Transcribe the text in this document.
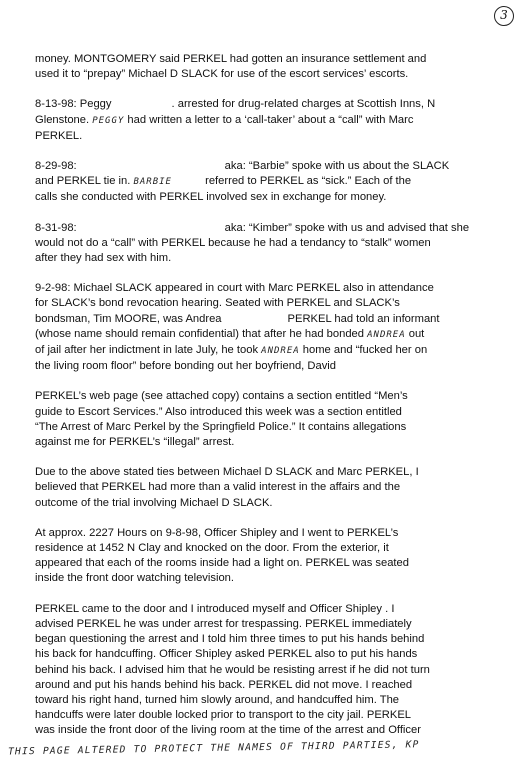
3
money. MONTGOMERY said PERKEL had gotten an insurance settlement and
used it to “prepay” Michael D SLACK for use of the escort services’ escorts.
8-13-98: Peggy	. arrested for drug-related charges at Scottish Inns, N
Glenstone. PEGGY had written a letter to a ‘call-taker’ about a “call” with Marc
PERKEL.
8-29-98:	aka: “Barbie” spoke with us about the SLACK
and PERKEL tie in. BARBIE	referred to PERKEL as “sick.” Each of the
calls she conducted with PERKEL involved sex in exchange for money.
8-31-98:	aka: “Kimber” spoke with us and advised that she
would not do a “call” with PERKEL because he had a tendancy to “stalk” women
after they had sex with him.
9-2-98: Michael SLACK appeared in court with Marc PERKEL also in attendance
for SLACK’s bond revocation hearing. Seated with PERKEL and SLACK’s
bondsman, Tim MOORE, was Andrea	PERKEL had told an informant
(whose name should remain confidential) that after he had bonded ANDREA out
of jail after her indictment in late July, he took ANDREA home and “fucked her on
the living room floor” before bonding out her boyfriend, David
PERKEL’s web page (see attached copy) contains a section entitled “Men’s
guide to Escort Services.” Also introduced this week was a section entitled
“The Arrest of Marc Perkel by the Springfield Police.” It contains allegations
against me for PERKEL’s “illegal” arrest.
Due to the above stated ties between Michael D SLACK and Marc PERKEL, I
believed that PERKEL had more than a valid interest in the affairs and the
outcome of the trial involving Michael D SLACK.
At approx. 2227 Hours on 9-8-98, Officer Shipley and I went to PERKEL’s
residence at 1452 N Clay and knocked on the door. From the exterior, it
appeared that each of the rooms inside had a light on. PERKEL was seated
inside the front door watching television.
PERKEL came to the door and I introduced myself and Officer Shipley . I
advised PERKEL he was under arrest for trespassing. PERKEL immediately
began questioning the arrest and I told him three times to put his hands behind
his back for handcuffing. Officer Shipley asked PERKEL also to put his hands
behind his back. I advised him that he would be resisting arrest if he did not turn
around and put his hands behind his back. PERKEL did not move. I reached
toward his right hand, turned him slowly around, and handcuffed him. The
handcuffs were later double locked prior to transport to the city jail. PERKEL
was inside the front door of the living room at the time of the arrest and Officer
THIS PAGE ALTERED TO PROTECT THE NAMES OF THIRD PARTIES, KP
